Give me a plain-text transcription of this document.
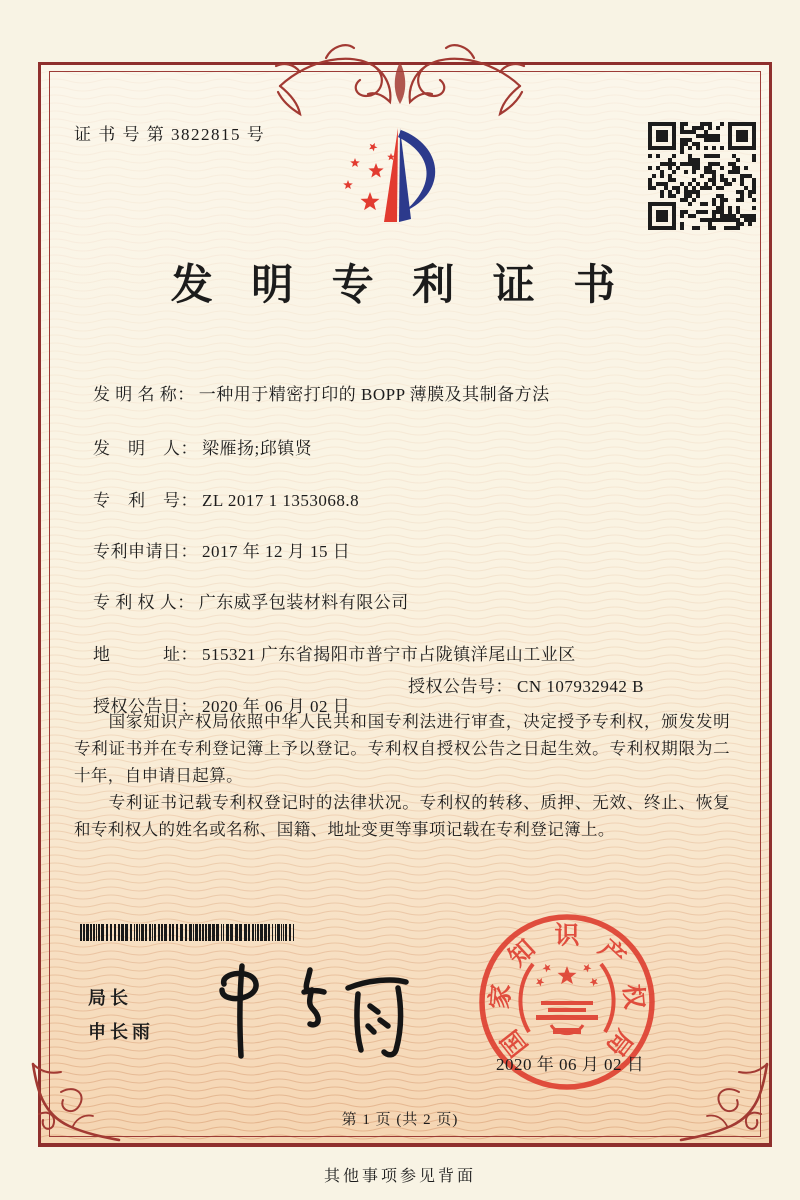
证 书 号 第 3822815 号
发 明 专 利 证 书

发 明 名 称： 一种用于精密打印的 BOPP 薄膜及其制备方法

发　明　人： 梁雁扬;邱镇贤

专　利　号： ZL 2017 1 1353068.8

专利申请日： 2017 年 12 月 15 日

专 利 权 人： 广东威孚包装材料有限公司

地　　　址： 515321 广东省揭阳市普宁市占陇镇洋尾山工业区

授权公告日： 2020 年 06 月 02 日

授权公告号： CN 107932942 B

国家知识产权局依照中华人民共和国专利法进行审查，决定授予专利权，颁发发明专利证书并在专利登记簿上予以登记。专利权自授权公告之日起生效。专利权期限为二十年，自申请日起算。
专利证书记载专利权登记时的法律状况。专利权的转移、质押、无效、终止、恢复和专利权人的姓名或名称、国籍、地址变更等事项记载在专利登记簿上。
局长
申长雨	国
家
知 识 产
权
局
2020 年 06 月 02 日
第 1 页 (共 2 页)
其他事项参见背面
